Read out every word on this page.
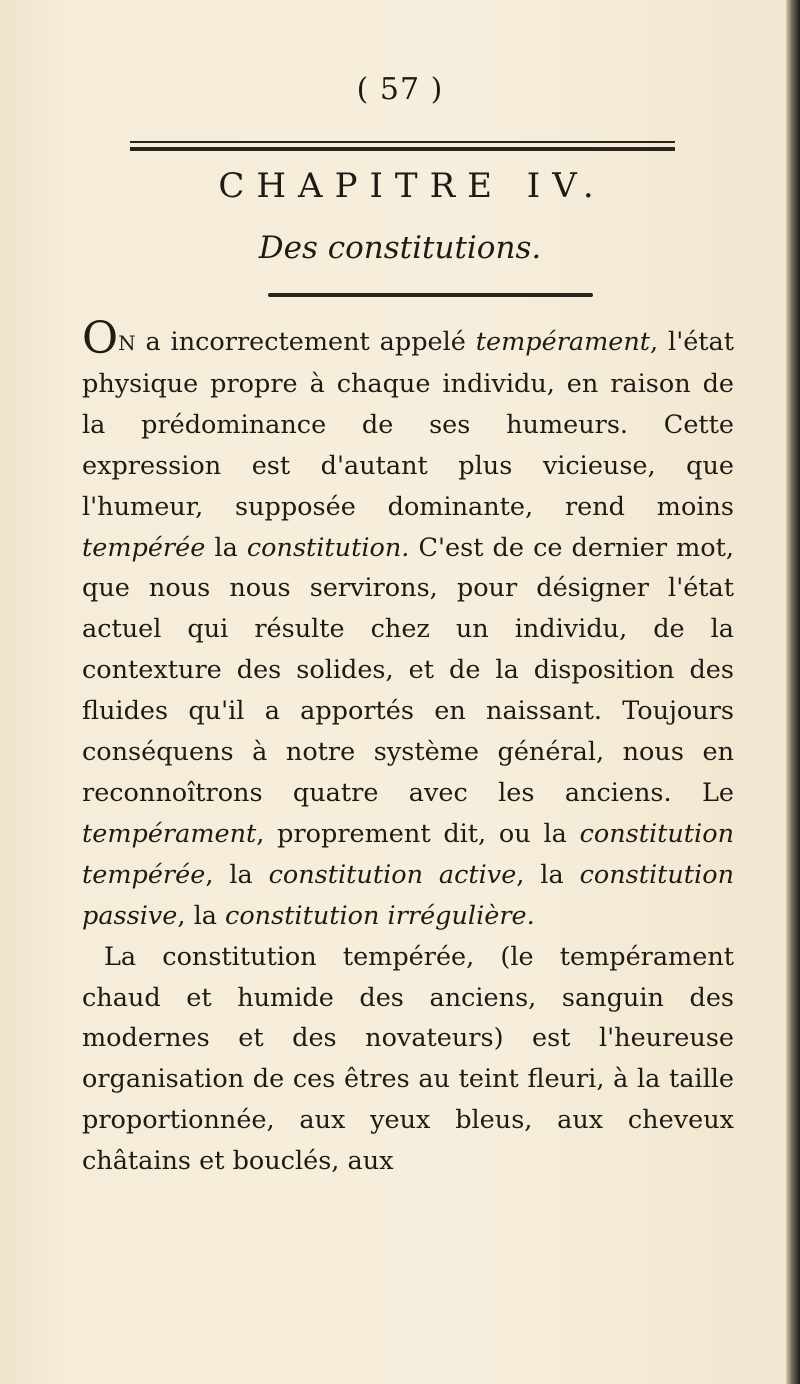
( 57 )
CHAPITRE IV.
Des constitutions.

ON a incorrectement appelé tempérament, l'état physique propre à chaque individu, en raison de la prédominance de ses humeurs. Cette expression est d'autant plus vicieuse, que l'humeur, supposée dominante, rend moins tempérée la constitution. C'est de ce dernier mot, que nous nous servirons, pour désigner l'état actuel qui résulte chez un individu, de la contexture des solides, et de la disposition des fluides qu'il a apportés en naissant. Toujours conséquens à notre système général, nous en reconnoîtrons quatre avec les anciens. Le tempérament, proprement dit, ou la constitution tempérée, la constitution active, la constitution passive, la constitution irrégulière.

La constitution tempérée, (le tempérament chaud et humide des anciens, sanguin des modernes et des novateurs) est l'heureuse organisation de ces êtres au teint fleuri, à la taille proportionnée, aux yeux bleus, aux cheveux châtains et bouclés, aux
